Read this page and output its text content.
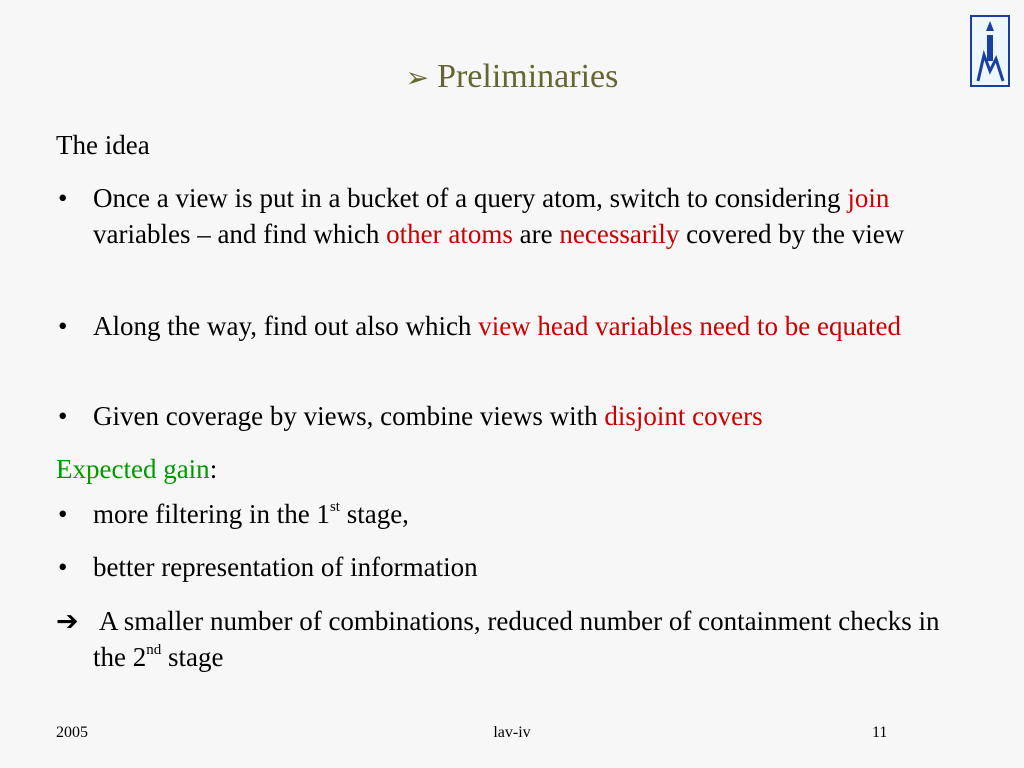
➢ Preliminaries
The idea
• Once a view is put in a bucket of a query atom, switch to considering join variables – and find which other atoms are necessarily covered by the view
• Along the way, find out also which view head variables need to be equated
• Given coverage by views, combine views with disjoint covers
Expected gain:
• more filtering in the 1st stage,
• better representation of information
➔ A smaller number of combinations, reduced number of containment checks in the 2nd stage
2005	lav-iv	11
